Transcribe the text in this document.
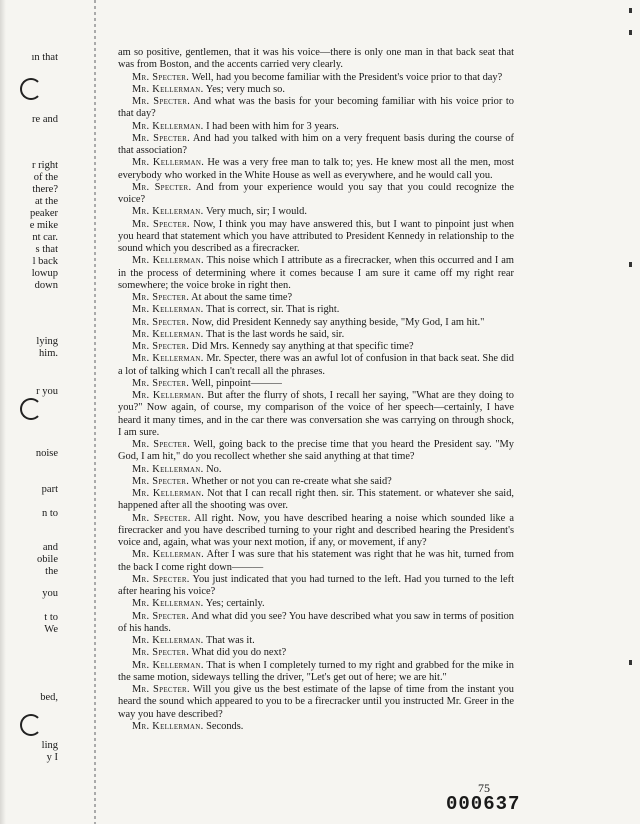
ın that
re and
r right
of the
there?
at the
peaker
e mike
nt car.
s that
l back
lowup
down
lying
him.
r you
noise
part
n to
and
obile
the
you
t to
We
bed,
ling
y I

am so positive, gentlemen, that it was his voice—there is only one man in that back seat that was from Boston, and the accents carried very clearly.

Mr. Specter. Well, had you become familiar with the President's voice prior to that day?

Mr. Kellerman. Yes; very much so.

Mr. Specter. And what was the basis for your becoming familiar with his voice prior to that day?

Mr. Kellerman. I had been with him for 3 years.

Mr. Specter. And had you talked with him on a very frequent basis during the course of that association?

Mr. Kellerman. He was a very free man to talk to; yes. He knew most all the men, most everybody who worked in the White House as well as everywhere, and he would call you.

Mr. Specter. And from your experience would you say that you could recognize the voice?

Mr. Kellerman. Very much, sir; I would.

Mr. Specter. Now, I think you may have answered this, but I want to pinpoint just when you heard that statement which you have attributed to President Kennedy in relationship to the sound which you described as a firecracker.

Mr. Kellerman. This noise which I attribute as a firecracker, when this occurred and I am in the process of determining where it comes because I am sure it came off my right rear somewhere; the voice broke in right then.

Mr. Specter. At about the same time?

Mr. Kellerman. That is correct, sir. That is right.

Mr. Specter. Now, did President Kennedy say anything beside, "My God, I am hit."

Mr. Kellerman. That is the last words he said, sir.

Mr. Specter. Did Mrs. Kennedy say anything at that specific time?

Mr. Kellerman. Mr. Specter, there was an awful lot of confusion in that back seat. She did a lot of talking which I can't recall all the phrases.

Mr. Specter. Well, pinpoint———

Mr. Kellerman. But after the flurry of shots, I recall her saying, "What are they doing to you?" Now again, of course, my comparison of the voice of her speech—certainly, I have heard it many times, and in the car there was conversation she was carrying on through shock, I am sure.

Mr. Specter. Well, going back to the precise time that you heard the President say. "My God, I am hit," do you recollect whether she said anything at that time?

Mr. Kellerman. No.

Mr. Specter. Whether or not you can re-create what she said?

Mr. Kellerman. Not that I can recall right then. sir. This statement. or whatever she said, happened after all the shooting was over.

Mr. Specter. All right. Now, you have described hearing a noise which sounded like a firecracker and you have described turning to your right and described hearing the President's voice and, again, what was your next motion, if any, or movement, if any?

Mr. Kellerman. After I was sure that his statement was right that he was hit, turned from the back I come right down———

Mr. Specter. You just indicated that you had turned to the left. Had you turned to the left after hearing his voice?

Mr. Kellerman. Yes; certainly.

Mr. Specter. And what did you see? You have described what you saw in terms of position of his hands.

Mr. Kellerman. That was it.

Mr. Specter. What did you do next?

Mr. Kellerman. That is when I completely turned to my right and grabbed for the mike in the same motion, sideways telling the driver, "Let's get out of here; we are hit."

Mr. Specter. Will you give us the best estimate of the lapse of time from the instant you heard the sound which appeared to you to be a firecracker until you instructed Mr. Greer in the way you have described?

Mr. Kellerman. Seconds.

75
000637
